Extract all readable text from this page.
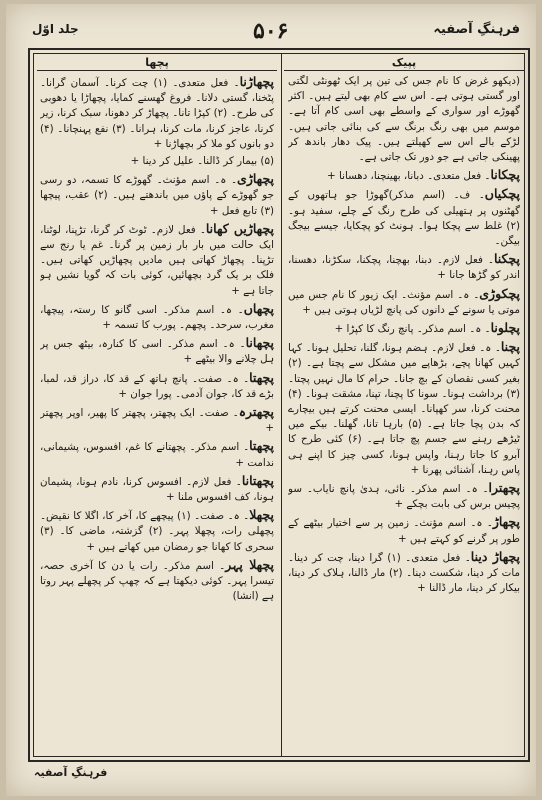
فرہنگِ آصفیہ
۵۰۶
جلد اوّل
پپیک
پچھا

(دیکھو غرض کا نام جس کی تین پر ایک ٹھونٹی لگتی اور گستی ہوتی ہے۔ اس سے کام بھی لیتے ہیں۔ اکثر گھوڑے اور سواری کے واسطے بھی اسی کام آتا ہے۔ موسم میں بھی رنگ برنگ سے کی بنائی جاتی ہیں۔ لڑکے بالے اس سے کھیلتے ہیں۔ پیک دھار باندھ کر پھینکی جاتی ہے جو دور تک جاتی ہے۔

پچکانا۔ فعل متعدی۔ دبانا، بھینچنا، دھسانا +

پچکیاں۔ ف۔ (اسم مذکر)گھوڑا جو ہاتھوں کے گھٹنوں پر ہتھیلی کی طرح رنگ کے چلے، سفید ہو۔ (۲) غلط سے پچکا ہوا۔ ہونٹ کو پچکایا، جیسے بیجگ بیگن۔

پچکنا۔ فعل لازم۔ دبنا، بھچنا، پچکنا، سکڑنا، دھسنا، اندر کو گڑھا جانا +

پچکوڑی۔ ہ۔ اسم مؤنث۔ ایک زیور کا نام جس میں موتی یا سونے کے دانوں کی پانچ لڑیاں ہوتی ہیں +

پچلونا۔ ہ۔ اسم مذکر۔ پانچ رنگ کا کپڑا +

پچنا۔ ہ۔ فعل لازم۔ ہضم ہونا، گلنا، تحلیل ہونا۔ کہا کہیں کھانا پچے، بڑھاپے میں مشکل سے پچتا ہے۔ (۲) بغیر کسی نقصان کے بچ جانا۔ حرام کا مال نہیں پچتا۔ (۳) برداشت ہونا۔ سونا کا پچنا، تپنا، مشقت ہونا۔ (۴) محنت کرنا، سر کھپانا۔ ایسی محنت کرتے ہیں بیچارے کہ بدن پچا جاتا ہے۔ (۵) بارہا تانا، گھلنا۔ بیکے میں ٹیڑھے رہنے سے جسم پچ جاتا ہے۔ (۶) کئی طرح کا آبرو کا جاتا رہنا، واپس ہونا، کسی چیز کا اپنے ہی پاس رہنا، آشنائی پھرنا +

پچھترا۔ ہ۔ اسم مذکر۔ نائی، ہدیٰ پانچ نایاب۔ سو پچیس برس کی بابت بچکے +

پچھاڑ۔ ہ۔ اسم مؤنث۔ زمین پر سے اختیار بیٹھے کے طور پر گرنے کو کہتے ہیں +

پچھاڑ دینا۔ فعل متعدی۔ (۱) گرا دینا، چت کر دینا۔ مات کر دینا، شکست دینا۔ (۲) مار ڈالنا، ہلاک کر دینا، بیکار کر دینا، مار ڈالنا +

پچھاڑنا۔ فعل متعدی۔ (۱) چت کرنا۔ آسمان گرانا۔ پٹخنا، گستی دلانا۔ فروغ گھسنے کمایا، پچھاڑا یا دھوبی کی طرح۔ (۲) کپڑا تانا۔ پچھاڑ کر دھونا، سبک کرنا، زیر کرنا، عاجز کرنا، مات کرنا، ہرانا۔ (۳) نفع پہنچانا۔ (۴) دو بانوں کو ملا کر بچھاڑنا +

(۵) بیمار کر ڈالنا۔ علیل کر دینا +

پچھاڑی۔ ہ۔ اسم مؤنث۔ گھوڑے کا تسمہ، دو رسی جو گھوڑے کے پاؤں میں باندھتے ہیں۔ (۲) عقب، پیچھا (۳) تابع فعل +

پچھاڑیں کھانا۔ فعل لازم۔ ٹوٹ کر گرنا، تڑپنا، لوٹنا، ایک حالت میں بار بار زمین پر گرنا۔ غم یا رنج سے تڑپنا۔ پچھاڑ کھاتی ہیں مادیں پچھاڑیں کھاتی ہیں۔ فلک بر یک گرد بچھائیں، کوئی بات کہ گویا نشیں ہو جاتا ہے +

پچھاں۔ ہ۔ اسم مذکر۔ اسی گانو کا رستہ، پیچھا، مغرب، سرحد۔ پچھم۔ پورب کا تسمہ +

پچھانا۔ ہ۔ اسم مذکر۔ اسی کا کنارہ، بیٹھ جس پر ہل چلانے والا بیٹھے +

پچھتا۔ ہ۔ صفت۔ پانچ ہاتھ کے قد کا، دراز قد، لمبا، بڑے قد کا، جوان آدمی۔ پورا جوان +

پچھترہ۔ صفت۔ ایک پچھتر، پچھتر کا پھیر، اوپر پچھتر +

پچھتا۔ اسم مذکر۔ پچھتانے کا غم، افسوس، پشیمانی، ندامت +

پچھتانا۔ فعل لازم۔ افسوس کرنا، نادم ہونا، پشیمان ہونا، کف افسوس ملنا +

پچھلا۔ ہ۔ صفت۔ (۱) پیچھے کا، آخر کا، اگلا کا نقیض۔ پچھلی رات، پچھلا پہر۔ (۲) گزشتہ، ماضی کا۔ (۳) سحری کا کھانا جو رمضان میں کھاتے ہیں +

پچھلا پہر۔ اسم مذکر۔ رات یا دن کا آخری حصہ، تیسرا پہر۔ کوئی دیکھتا ہے کہ چھپ کر پچھلے پہر روتا ہے (انشا)

فرہنگِ آصفیہ
